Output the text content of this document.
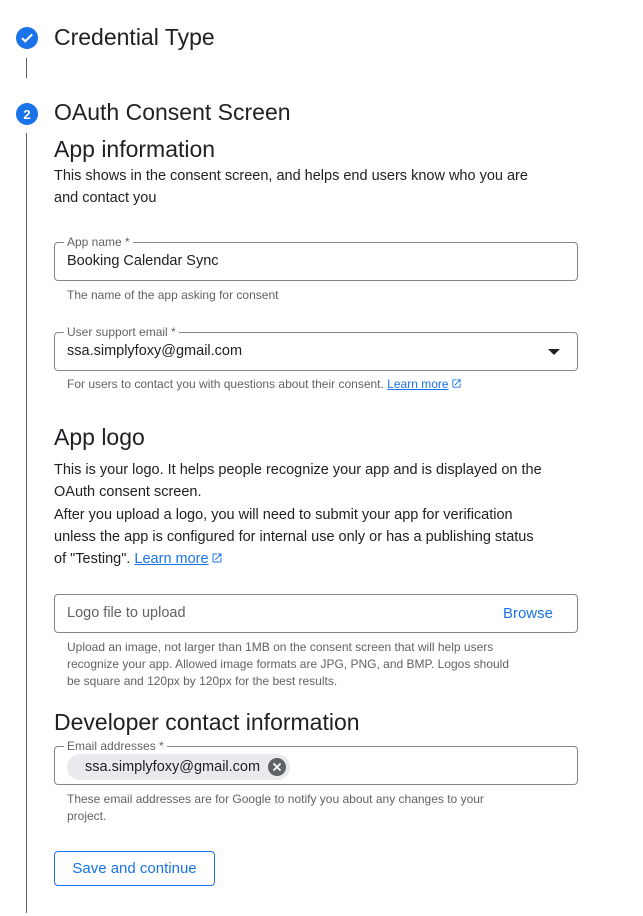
Credential Type
2	OAuth Consent Screen
App information
This shows in the consent screen, and helps end users know who you are
and contact you
App name *
Booking Calendar Sync
The name of the app asking for consent
User support email *
ssa.simplyfoxy@gmail.com
For users to contact you with questions about their consent. Learn more
App logo
This is your logo. It helps people recognize your app and is displayed on the
OAuth consent screen.
After you upload a logo, you will need to submit your app for verification
unless the app is configured for internal use only or has a publishing status
of "Testing". Learn more
Logo file to upload	Browse
Upload an image, not larger than 1MB on the consent screen that will help users
recognize your app. Allowed image formats are JPG, PNG, and BMP. Logos should
be square and 120px by 120px for the best results.
Developer contact information
Email addresses *
ssa.simplyfoxy@gmail.com
These email addresses are for Google to notify you about any changes to your
project.
Save and continue
